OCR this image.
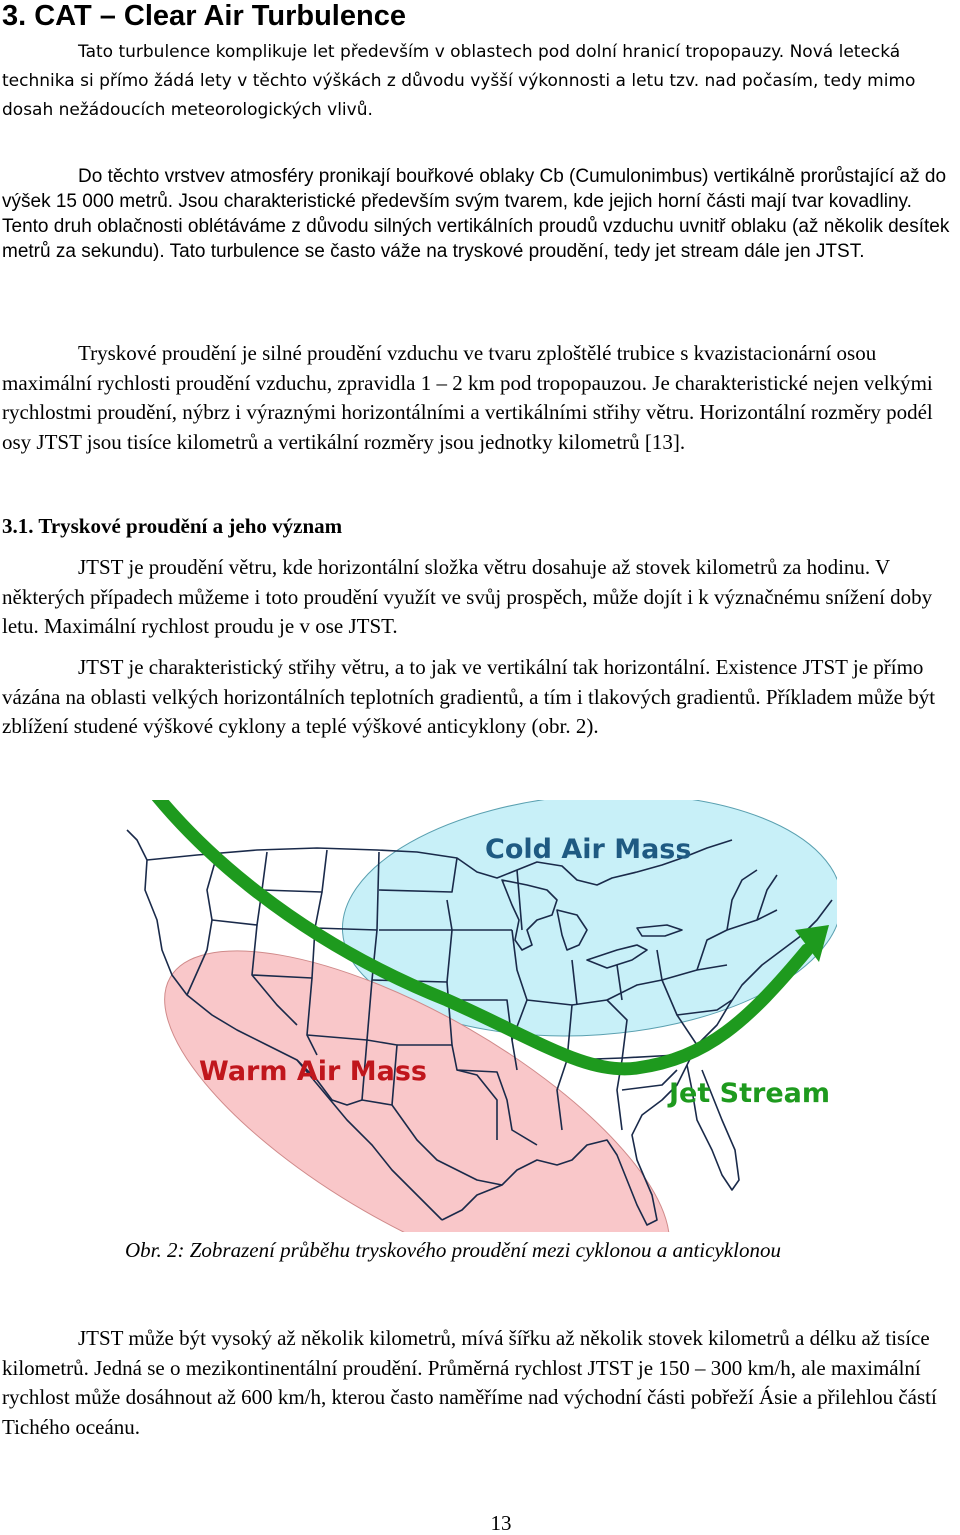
3. CAT – Clear Air Turbulence

Tato turbulence komplikuje let především v oblastech pod dolní hranicí tropopauzy. Nová letecká technika si přímo žádá lety v těchto výškách z důvodu vyšší výkonnosti a letu tzv. nad počasím, tedy mimo dosah nežádoucích meteorologických vlivů.

Do těchto vrstvev atmosféry pronikají bouřkové oblaky Cb (Cumulonimbus) vertikálně prorůstající až do výšek 15 000 metrů. Jsou charakteristické především svým tvarem, kde jejich horní části mají tvar kovadliny. Tento druh oblačnosti oblétáváme z důvodu silných vertikálních proudů vzduchu uvnitř oblaku (až několik desítek metrů za sekundu). Tato turbulence se často váže na tryskové proudění, tedy jet stream dále jen JTST.

Tryskové proudění je silné proudění vzduchu ve tvaru zploštělé trubice s kvazistacionární osou maximální rychlosti proudění vzduchu, zpravidla 1 – 2 km pod tropopauzou. Je charakteristické nejen velkými rychlostmi proudění, nýbrz i výraznými horizontálními a vertikálními střihy větru. Horizontální rozměry podél osy JTST jsou tisíce kilometrů a vertikální rozměry jsou jednotky kilometrů [13].

3.1. Tryskové proudění a jeho význam

JTST je proudění větru, kde horizontální složka větru dosahuje až stovek kilometrů za hodinu. V některých případech můžeme i toto proudění využít ve svůj prospěch, může dojít i k význačnému snížení doby letu. Maximální rychlost proudu je v ose JTST.

JTST je charakteristický střihy větru, a to jak ve vertikální tak horizontální. Existence JTST je přímo vázána na oblasti velkých horizontálních teplotních gradientů, a tím i tlakových gradientů. Příkladem může být zblížení studené výškové cyklony a teplé výškové anticyklony (obr. 2).

Cold Air Mass
Warm Air Mass
Jet Stream

Obr. 2: Zobrazení průběhu tryskového proudění mezi cyklonou a anticyklonou

JTST může být vysoký až několik kilometrů, mívá šířku až několik stovek kilometrů a délku až tisíce kilometrů. Jedná se o mezikontinentální proudění. Průměrná rychlost JTST je 150 – 300 km/h, ale maximální rychlost může dosáhnout až 600 km/h, kterou často naměříme nad východní části pobřeží Ásie a přilehlou částí Tichého oceánu.

13
